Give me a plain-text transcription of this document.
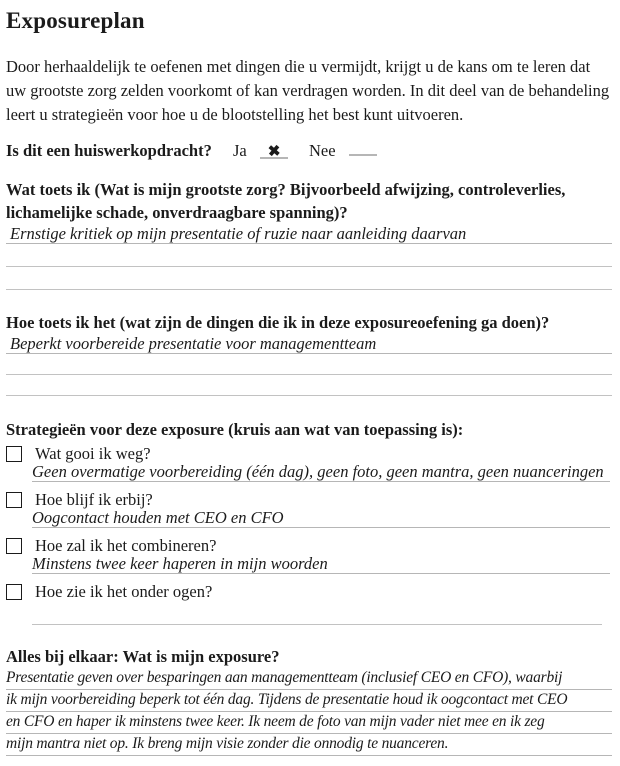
Exposureplan

Door herhaaldelijk te oefenen met dingen die u vermijdt, krijgt u de kans om te leren dat uw grootste zorg zelden voorkomt of kan verdragen worden. In dit deel van de behandeling leert u strategieën voor hoe u de blootstelling het best kunt uitvoeren.

Is dit een huiswerkopdracht? Ja ✖ Nee
Wat toets ik (Wat is mijn grootste zorg? Bijvoorbeeld afwijzing, controleverlies, lichamelijke schade, onverdraagbare spanning)?
Ernstige kritiek op mijn presentatie of ruzie naar aanleiding daarvan
Hoe toets ik het (wat zijn de dingen die ik in deze exposureoefening ga doen)?
Beperkt voorbereide presentatie voor managementteam
Strategieën voor deze exposure (kruis aan wat van toepassing is):
Wat gooi ik weg?
Geen overmatige voorbereiding (één dag), geen foto, geen mantra, geen nuanceringen
Hoe blijf ik erbij?
Oogcontact houden met CEO en CFO
Hoe zal ik het combineren?
Minstens twee keer haperen in mijn woorden
Hoe zie ik het onder ogen?
Alles bij elkaar: Wat is mijn exposure?
Presentatie geven over besparingen aan managementteam (inclusief CEO en CFO), waarbij
ik mijn voorbereiding beperk tot één dag. Tijdens de presentatie houd ik oogcontact met CEO
en CFO en haper ik minstens twee keer. Ik neem de foto van mijn vader niet mee en ik zeg
mijn mantra niet op. Ik breng mijn visie zonder die onnodig te nuanceren.
